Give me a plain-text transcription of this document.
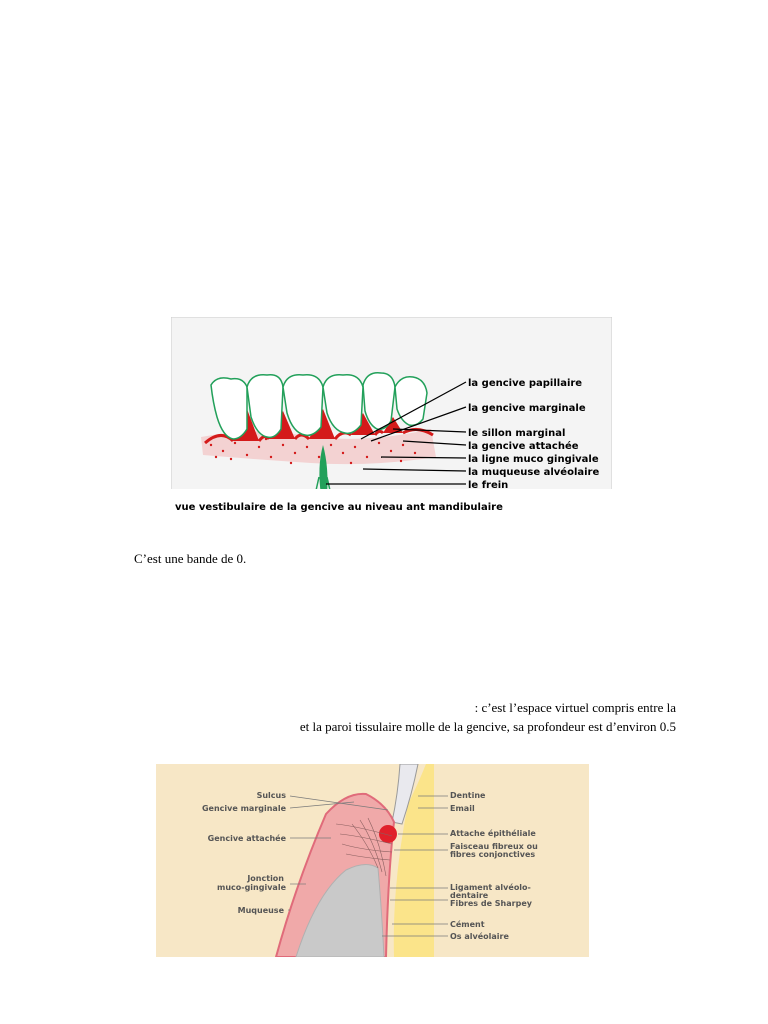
la gencive papillaire
la gencive marginale
le sillon marginal
la gencive attachée
la ligne muco gingivale
la muqueuse alvéolaire
le frein
vue vestibulaire de la gencive au niveau ant mandibulaire
C’est une bande de 0.
: c’est l’espace virtuel compris entre la
et la paroi tissulaire molle de la gencive, sa profondeur est d’environ 0.5
Sulcus
Gencive marginale
Gencive attachée
Jonction
muco-gingivale
Muqueuse
Dentine
Email
Attache épithéliale
Faisceau fibreux ou
fibres conjonctives
Ligament alvéolo-
dentaire
Fibres de Sharpey
Cément
Os alvéolaire
